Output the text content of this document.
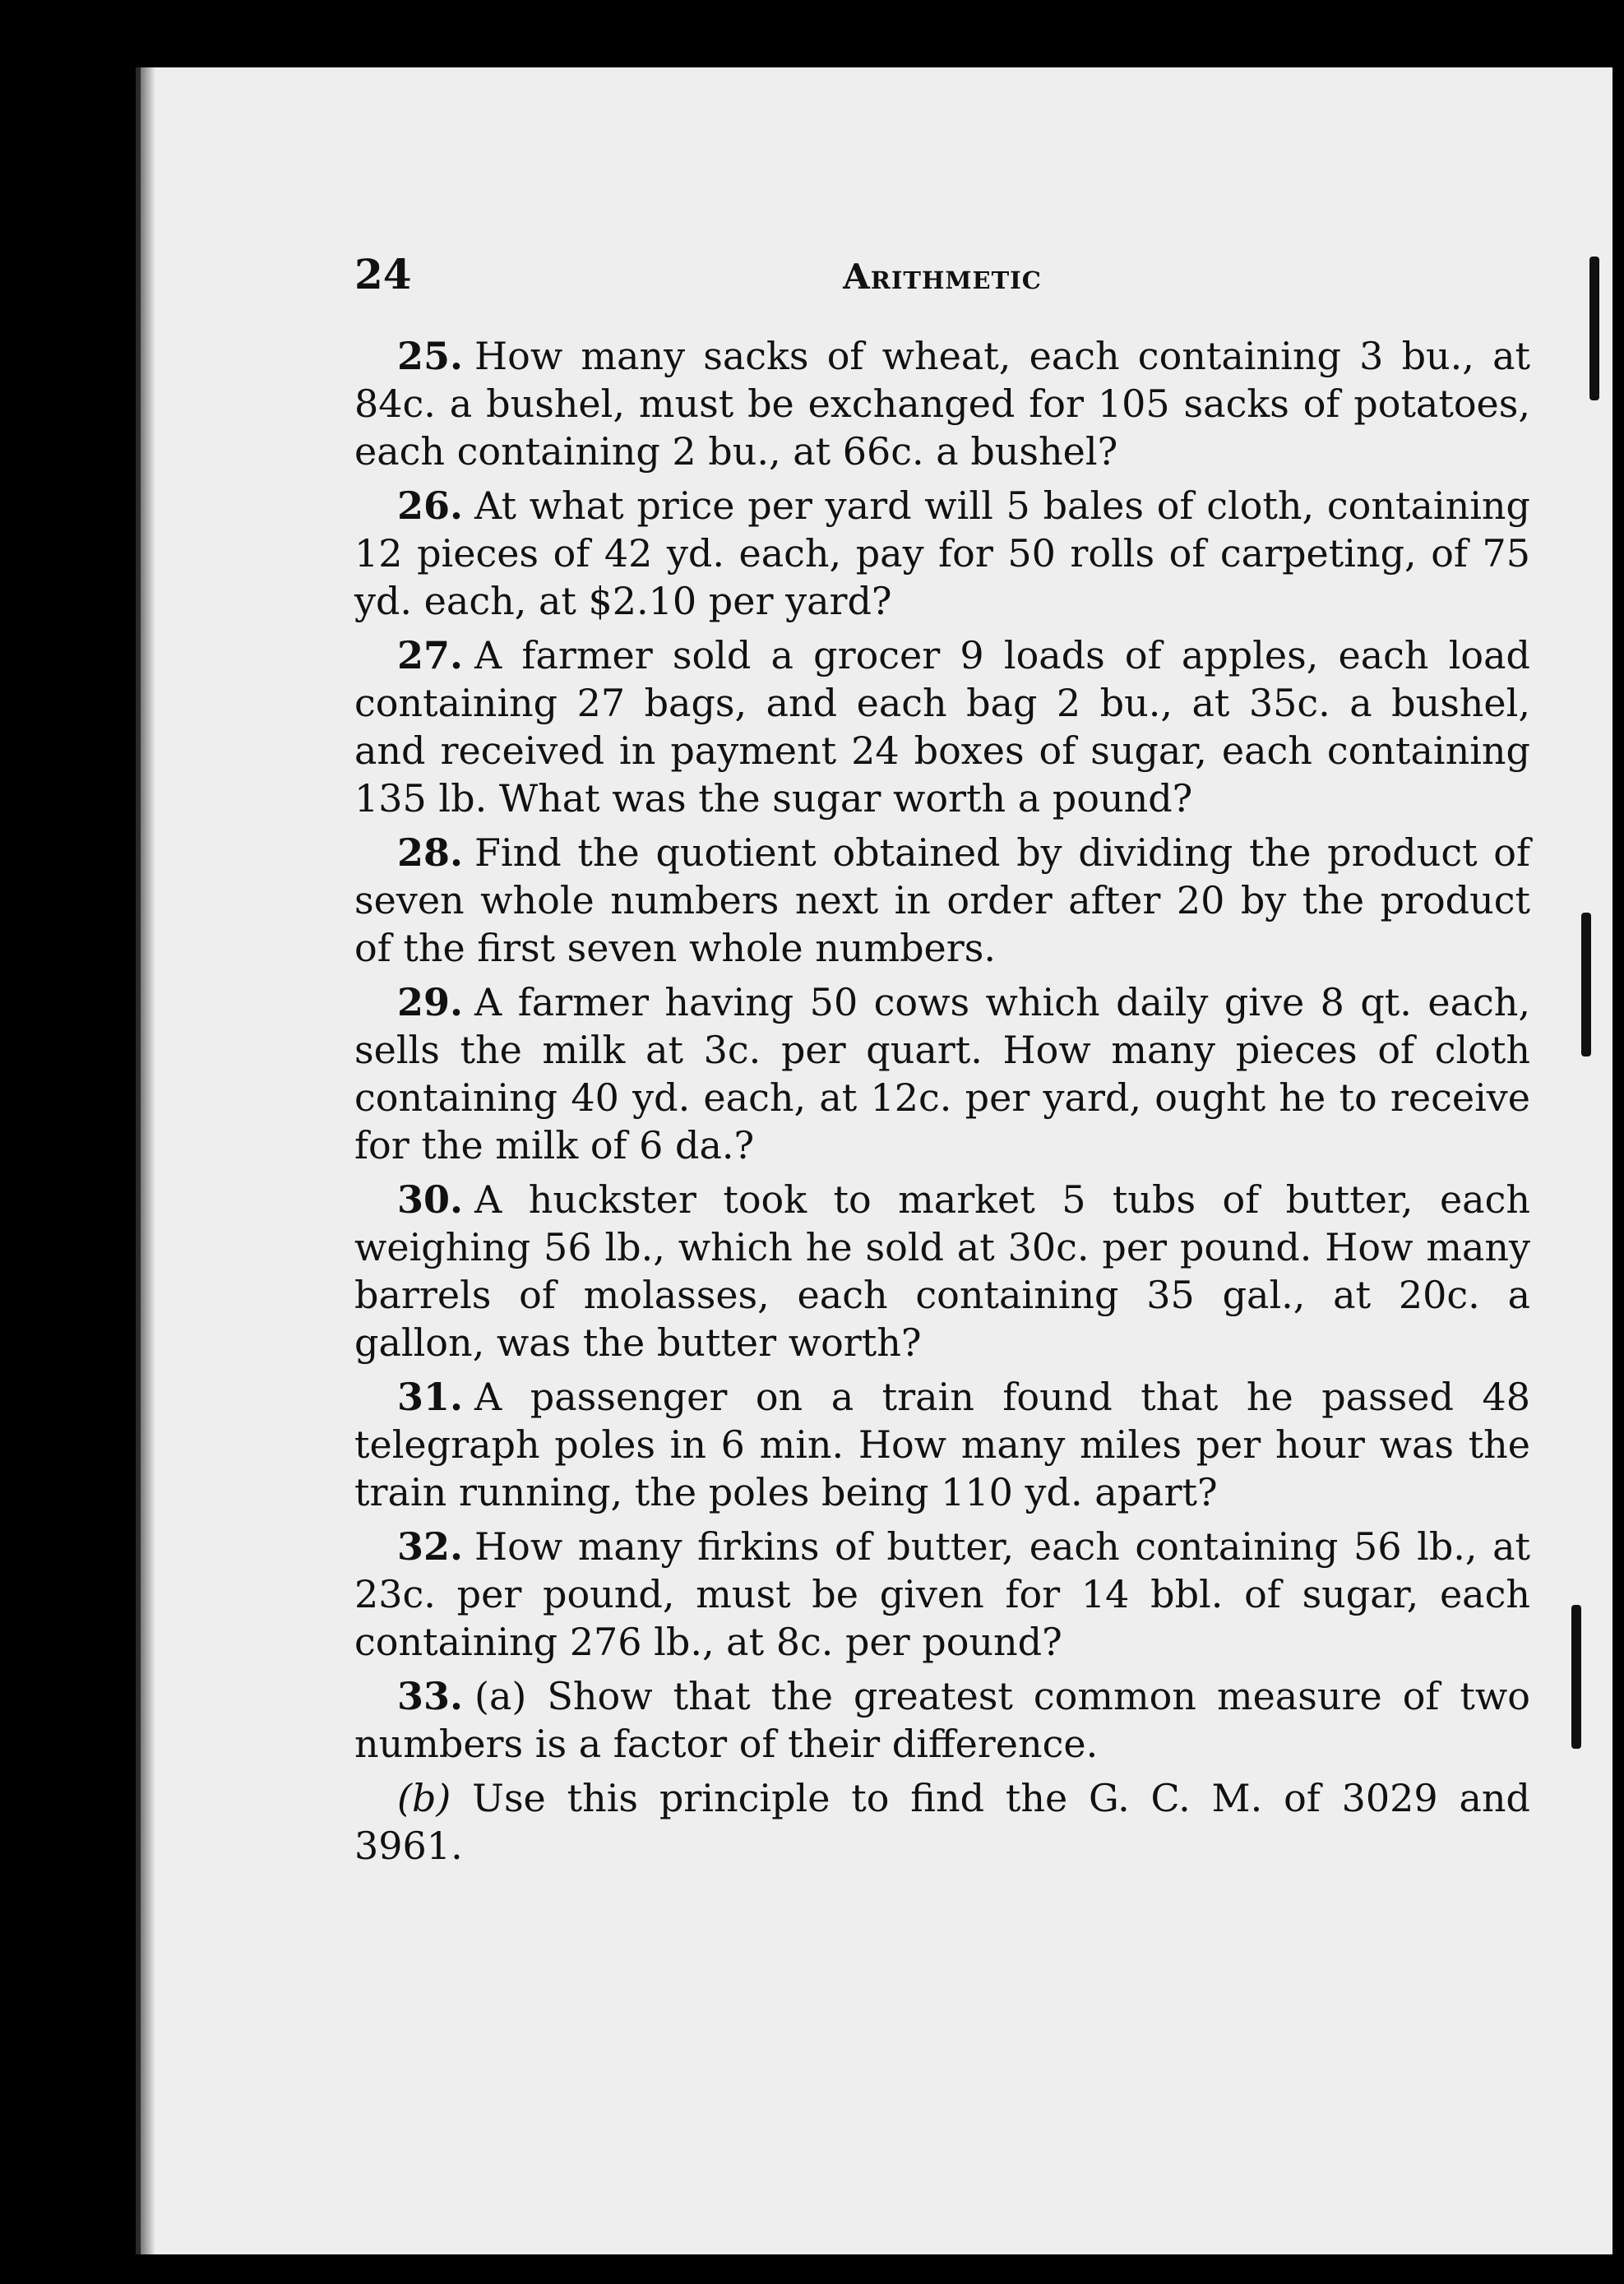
24	Arithmetic

25. How many sacks of wheat, each containing 3 bu., at 84c. a bushel, must be exchanged for 105 sacks of potatoes, each containing 2 bu., at 66c. a bushel?

26. At what price per yard will 5 bales of cloth, containing 12 pieces of 42 yd. each, pay for 50 rolls of carpeting, of 75 yd. each, at $2.10 per yard?

27. A farmer sold a grocer 9 loads of apples, each load containing 27 bags, and each bag 2 bu., at 35c. a bushel, and received in payment 24 boxes of sugar, each containing 135 lb. What was the sugar worth a pound?

28. Find the quotient obtained by dividing the product of seven whole numbers next in order after 20 by the product of the first seven whole numbers.

29. A farmer having 50 cows which daily give 8 qt. each, sells the milk at 3c. per quart. How many pieces of cloth containing 40 yd. each, at 12c. per yard, ought he to receive for the milk of 6 da.?

30. A huckster took to market 5 tubs of butter, each weighing 56 lb., which he sold at 30c. per pound. How many barrels of molasses, each containing 35 gal., at 20c. a gallon, was the butter worth?

31. A passenger on a train found that he passed 48 telegraph poles in 6 min. How many miles per hour was the train running, the poles being 110 yd. apart?

32. How many firkins of butter, each containing 56 lb., at 23c. per pound, must be given for 14 bbl. of sugar, each containing 276 lb., at 8c. per pound?

33. (a) Show that the greatest common measure of two numbers is a factor of their difference.

(b) Use this principle to find the G. C. M. of 3029 and 3961.
